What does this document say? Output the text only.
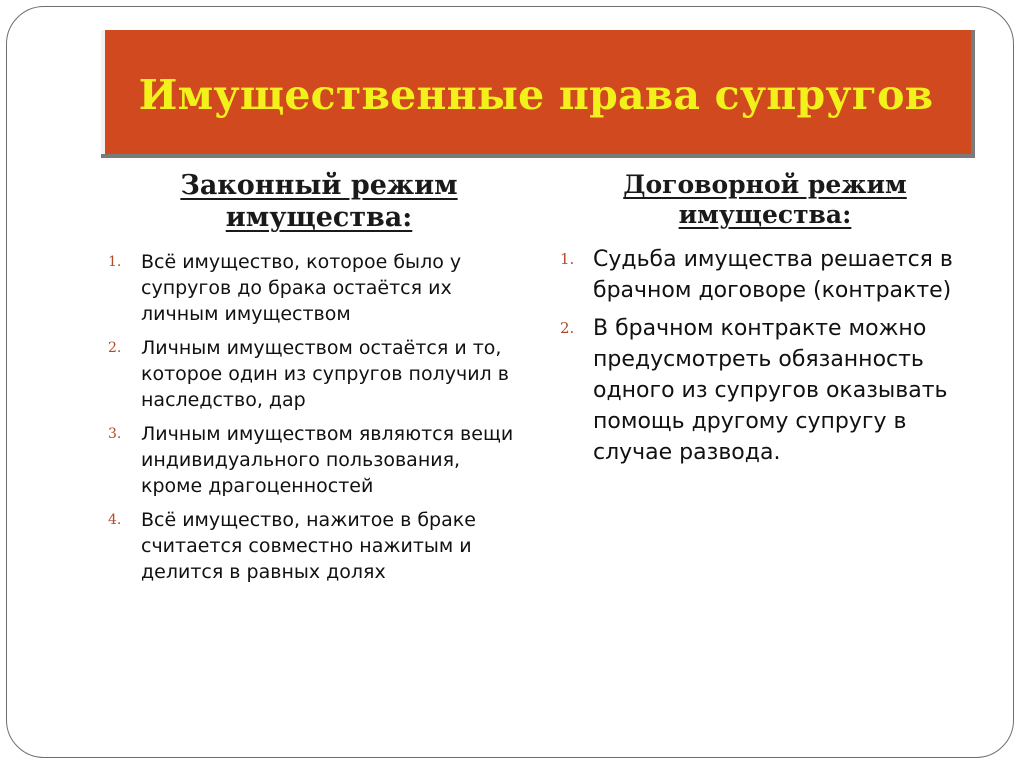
Имущественные права супругов
Законный режим
имущества:
1.	Всё имущество, которое было у супругов до брака остаётся их личным имуществом
2.	Личным имуществом остаётся и то, которое один из супругов получил в наследство, дар
3.	Личным имуществом являются вещи индивидуального пользования, кроме драгоценностей
4.	Всё имущество, нажитое в браке считается совместно нажитым и делится в равных долях
Договорной режим
имущества:
1. Судьба имущества решается в брачном договоре (контракте)
2. В брачном контракте можно предусмотреть обязанность одного из супругов оказывать помощь другому супругу в случае развода.
